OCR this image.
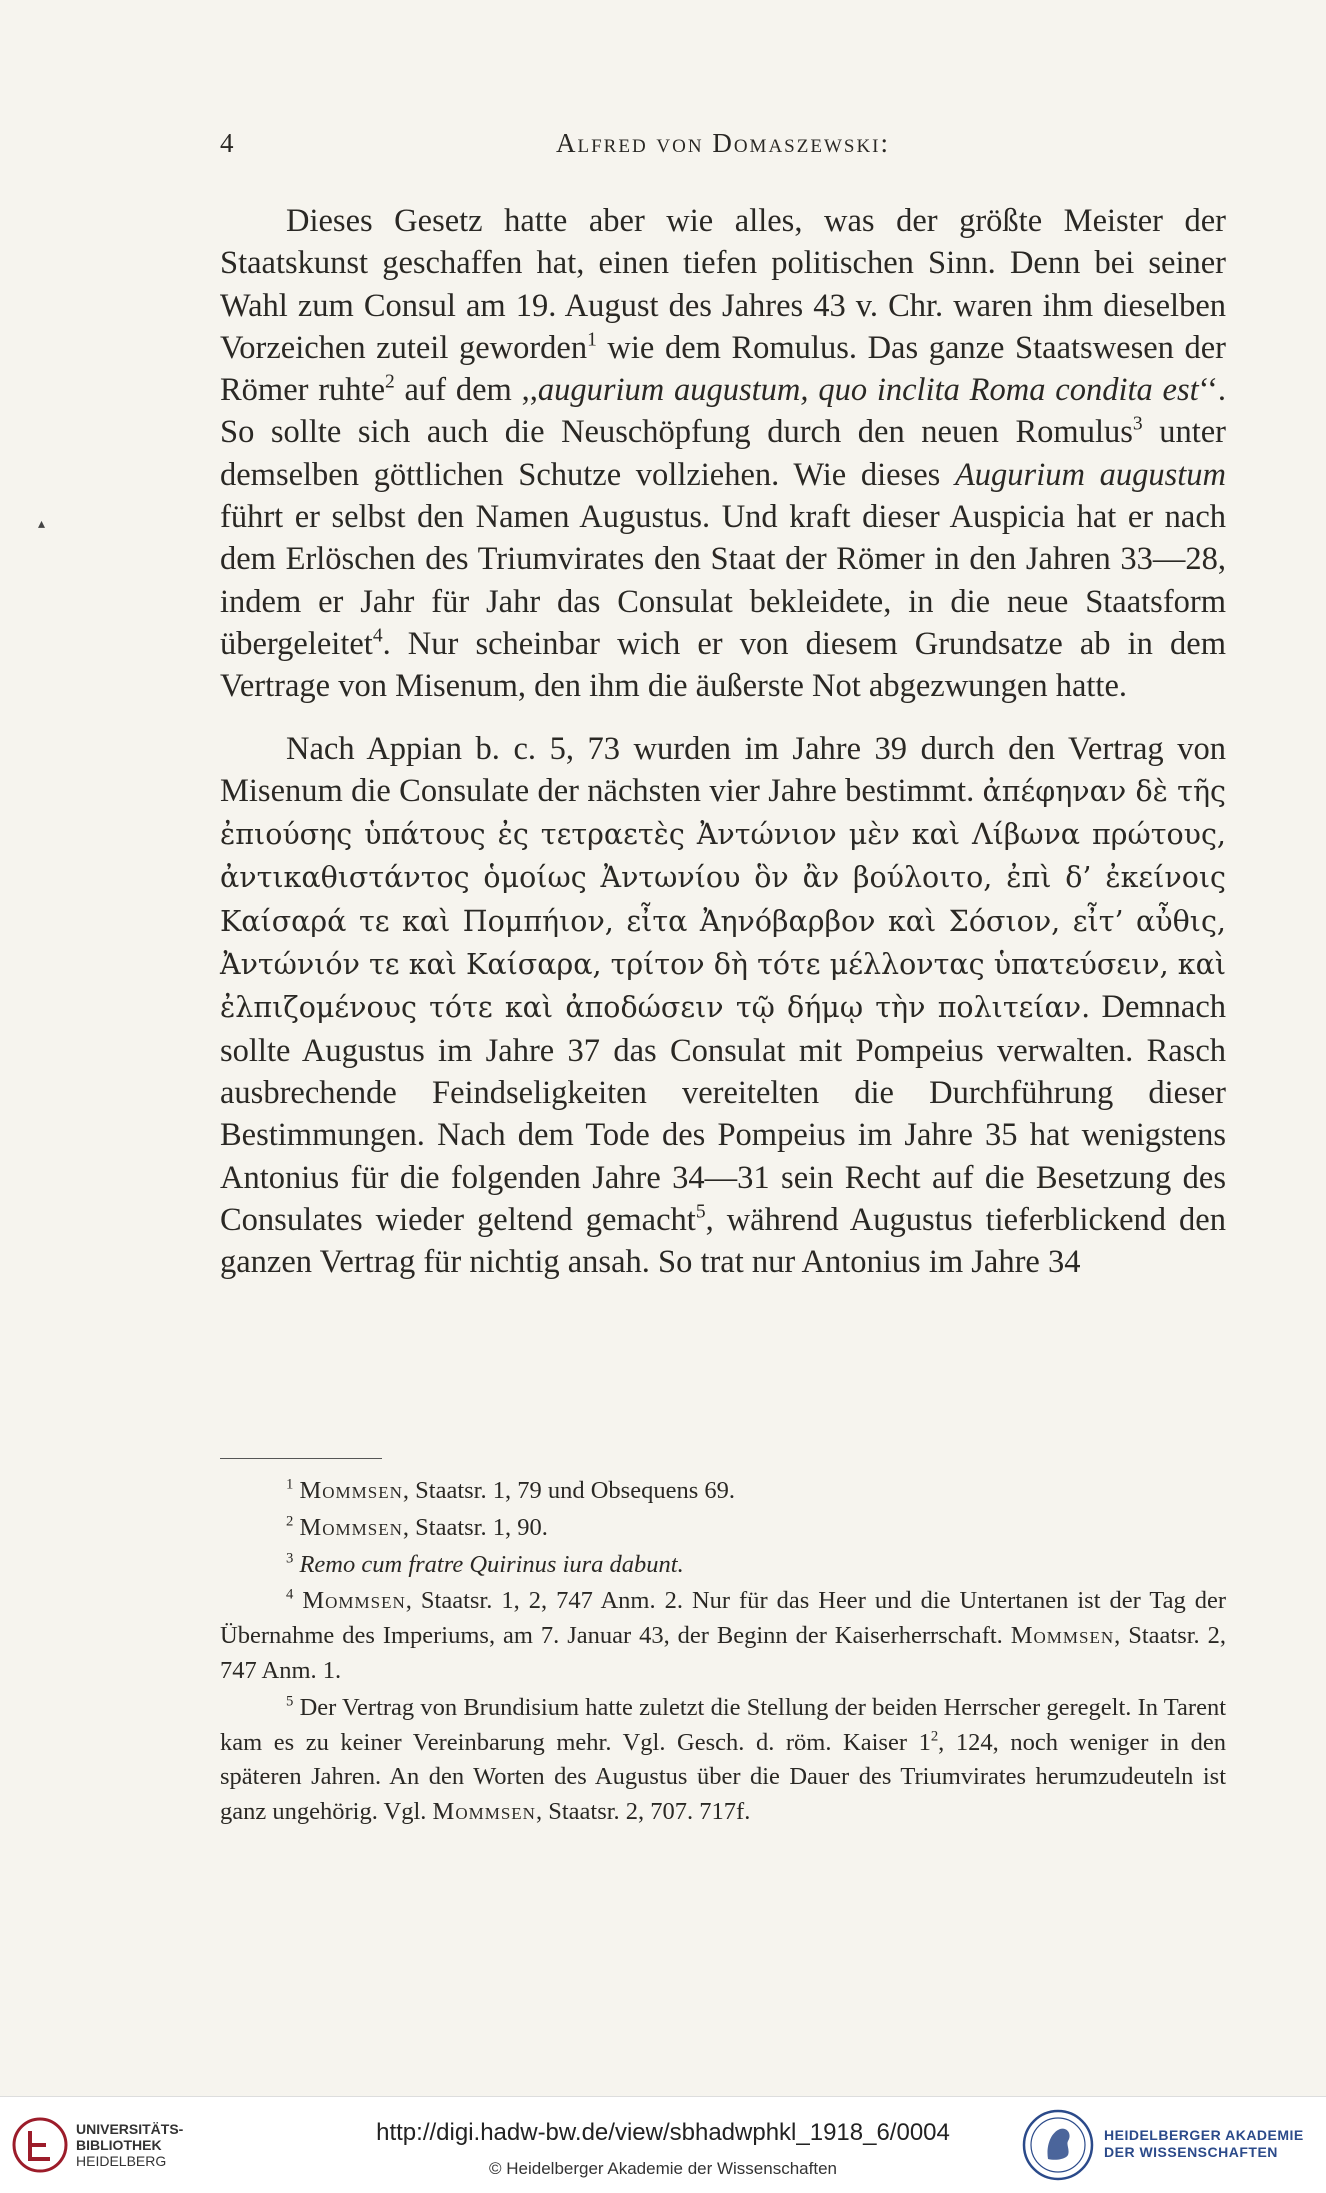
4	Alfred von Domaszewski:

Dieses Gesetz hatte aber wie alles, was der größte Meister der Staatskunst geschaffen hat, einen tiefen politischen Sinn. Denn bei seiner Wahl zum Consul am 19. August des Jahres 43 v. Chr. waren ihm dieselben Vorzeichen zuteil geworden$^1$ wie dem Romulus. Das ganze Staatswesen der Römer ruhte$^2$ auf dem ,,augurium augustum, quo inclita Roma condita est‘‘. So sollte sich auch die Neuschöpfung durch den neuen Romulus$^3$ unter demselben göttlichen Schutze vollziehen. Wie dieses Augurium augustum führt er selbst den Namen Augustus. Und kraft dieser Auspicia hat er nach dem Erlöschen des Triumvirates den Staat der Römer in den Jahren 33—28, indem er Jahr für Jahr das Consulat bekleidete, in die neue Staatsform übergeleitet$^4$. Nur scheinbar wich er von diesem Grundsatze ab in dem Vertrage von Misenum, den ihm die äußerste Not abgezwungen hatte.

Nach Appian b. c. 5, 73 wurden im Jahre 39 durch den Vertrag von Misenum die Consulate der nächsten vier Jahre bestimmt. ἀπέφηναν δὲ τῆς ἐπιούσης ὑπάτους ἐς τετραετὲς Ἀντώνιον μὲν καὶ Λίβωνα πρώτους, ἀντικαθιστάντος ὁμοίως Ἀντωνίου ὃν ἂν βούλοιτο, ἐπὶ δ’ ἐκείνοις Καίσαρά τε καὶ Πομπήιον, εἶτα Ἀηνόβαρβον καὶ Σόσιον, εἶτ’ αὖθις, Ἀντώνιόν τε καὶ Καίσαρα, τρίτον δὴ τότε μέλλοντας ὑπατεύσειν, καὶ ἐλπιζομένους τότε καὶ ἀποδώσειν τῷ δήμῳ τὴν πολιτείαν. Demnach sollte Augustus im Jahre 37 das Consulat mit Pompeius verwalten. Rasch ausbrechende Feindseligkeiten vereitelten die Durchführung dieser Bestimmungen. Nach dem Tode des Pompeius im Jahre 35 hat wenigstens Antonius für die folgenden Jahre 34—31 sein Recht auf die Besetzung des Consulates wieder geltend gemacht$^5$, während Augustus tieferblickend den ganzen Vertrag für nichtig ansah. So trat nur Antonius im Jahre 34

$^1$ Mommsen, Staatsr. 1, 79 und Obsequens 69.
$^2$ Mommsen, Staatsr. 1, 90.
$^3$ Remo cum fratre Quirinus iura dabunt.
$^4$ Mommsen, Staatsr. 1, 2, 747 Anm. 2. Nur für das Heer und die Untertanen ist der Tag der Übernahme des Imperiums, am 7. Januar 43, der Beginn der Kaiserherrschaft. Mommsen, Staatsr. 2, 747 Anm. 1.
$^5$ Der Vertrag von Brundisium hatte zuletzt die Stellung der beiden Herrscher geregelt. In Tarent kam es zu keiner Vereinbarung mehr. Vgl. Gesch. d. röm. Kaiser $1^2$, 124, noch weniger in den späteren Jahren. An den Worten des Augustus über die Dauer des Triumvirates herumzudeuteln ist ganz ungehörig. Vgl. Mommsen, Staatsr. 2, 707. 717f.
▴
UNIVERSITÄTS-
BIBLIOTHEK
HEIDELBERG
http://digi.hadw-bw.de/view/sbhadwphkl_1918_6/0004
© Heidelberger Akademie der Wissenschaften
HEIDELBERGER AKADEMIE
DER WISSENSCHAFTEN
